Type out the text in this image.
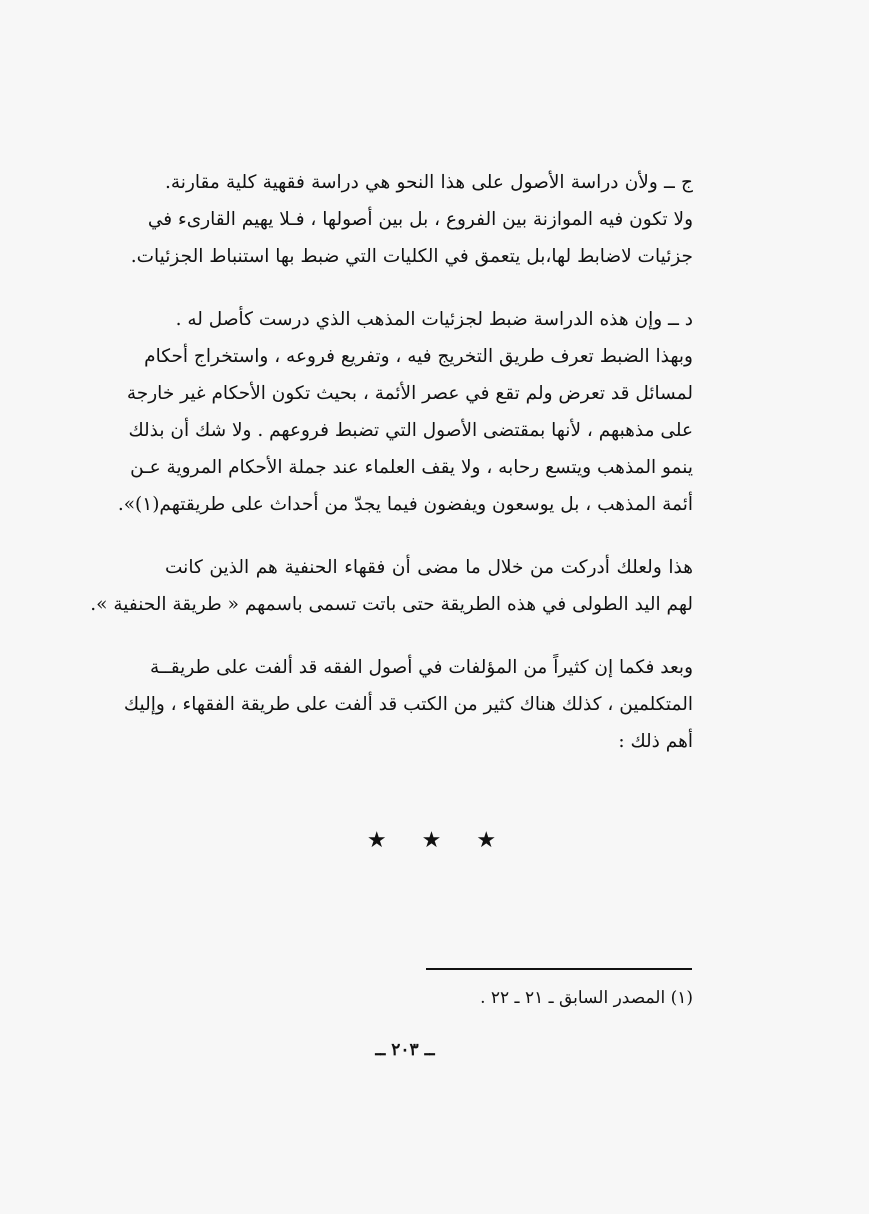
ج ــ ولأن دراسة الأصول على هذا النحو هي دراسة فقهية كلية مقارنة.
ولا تكون فيه الموازنة بين الفروع ، بل بين أصولها ، فـلا يهيم القارىء في
جزئيات لاضابط لها،بل يتعمق في الكليات التي ضبط بها استنباط الجزئيات.

د ــ وإن هذه الدراسة ضبط لجزئيات المذهب الذي درست كأصل له .
وبهذا الضبط تعرف طريق التخريج فيه ، وتفريع فروعه ، واستخراج أحكام
لمسائل قد تعرض ولم تقع في عصر الأئمة ، بحيث تكون الأحكام غير خارجة
على مذهبهم ، لأنها بمقتضى الأصول التي تضبط فروعهم . ولا شك أن بذلك
ينمو المذهب ويتسع رحابه ، ولا يقف العلماء عند جملة الأحكام المروية عـن
أئمة المذهب ، بل يوسعون ويفضون فيما يجدّ من أحداث على طريقتهم(١)».

هذا ولعلك أدركت من خلال ما مضى أن فقهاء الحنفية هم الذين كانت
لهم اليد الطولى في هذه الطريقة حتى باتت تسمى باسمهم « طريقة الحنفية ».

وبعد فكما إن كثيراً من المؤلفات في أصول الفقه قد ألفت على طريقــة
المتكلمين ، كذلك هناك كثير من الكتب قد ألفت على طريقة الفقهاء ، وإليك
أهم ذلك :

★ ★ ★
(١) المصدر السابق ـ ٢١ ـ ٢٢ .
ــ ٢٠٣ ــ
